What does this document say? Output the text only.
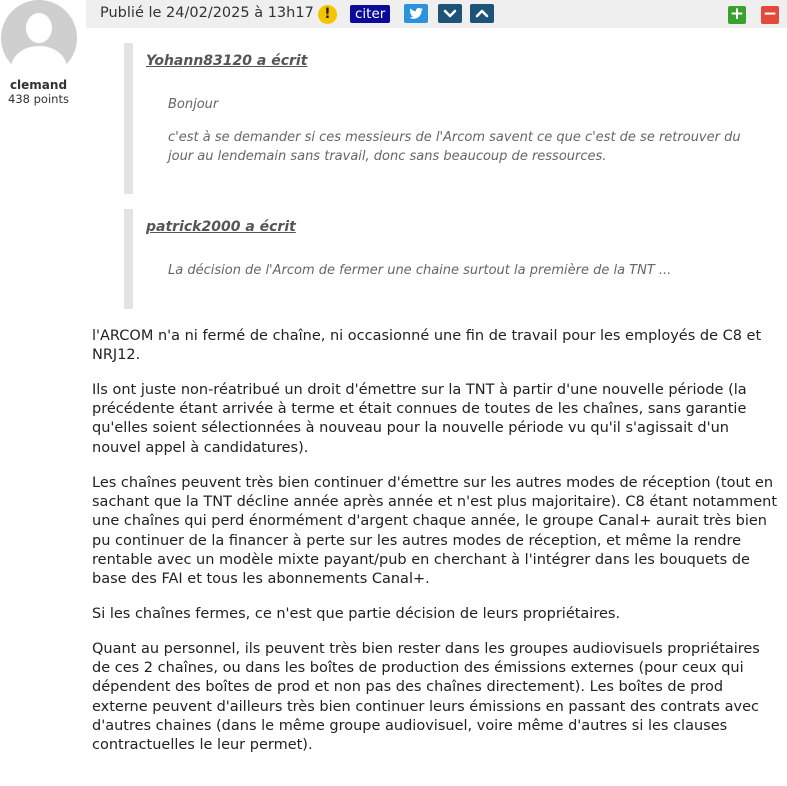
clemand
438 points
Publié le 24/02/2025 à 13h17 !	citer	+ −
Yohann83120 a écrit
Bonjour
c'est à se demander si ces messieurs de l'Arcom savent ce que c'est de se retrouver du jour au lendemain sans travail, donc sans beaucoup de ressources.
patrick2000 a écrit
La décision de l'Arcom de fermer une chaine surtout la première de la TNT ...

l'ARCOM n'a ni fermé de chaîne, ni occasionné une fin de travail pour les employés de C8 et NRJ12.

Ils ont juste non-réatribué un droit d'émettre sur la TNT à partir d'une nouvelle période (la précédente étant arrivée à terme et était connues de toutes de les chaînes, sans garantie qu'elles soient sélectionnées à nouveau pour la nouvelle période vu qu'il s'agissait d'un nouvel appel à candidatures).

Les chaînes peuvent très bien continuer d'émettre sur les autres modes de réception (tout en sachant que la TNT décline année après année et n'est plus majoritaire). C8 étant notamment une chaînes qui perd énormément d'argent chaque année, le groupe Canal+ aurait très bien pu continuer de la financer à perte sur les autres modes de réception, et même la rendre rentable avec un modèle mixte payant/pub en cherchant à l'intégrer dans les bouquets de base des FAI et tous les abonnements Canal+.

Si les chaînes fermes, ce n'est que partie décision de leurs propriétaires.

Quant au personnel, ils peuvent très bien rester dans les groupes audiovisuels propriétaires de ces 2 chaînes, ou dans les boîtes de production des émissions externes (pour ceux qui dépendent des boîtes de prod et non pas des chaînes directement). Les boîtes de prod externe peuvent d'ailleurs très bien continuer leurs émissions en passant des contrats avec d'autres chaines (dans le même groupe audiovisuel, voire même d'autres si les clauses contractuelles le leur permet).
